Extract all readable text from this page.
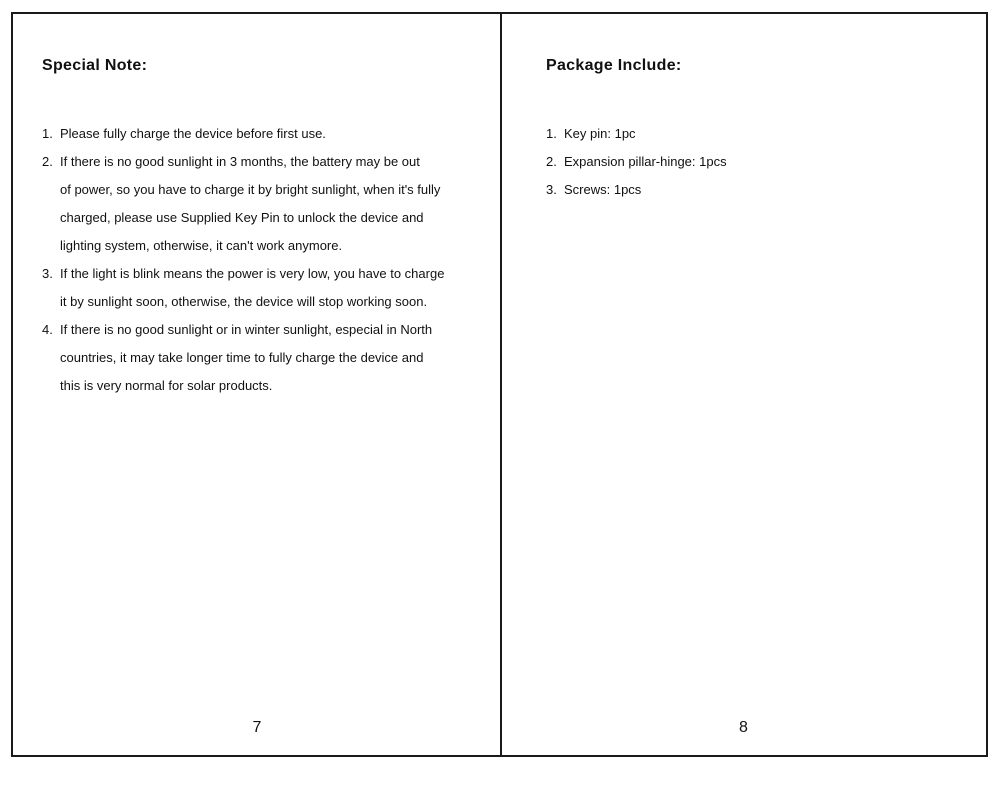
Special Note:
1. Please fully charge the device before first use.
2. If there is no good sunlight in 3 months, the battery may be out
of power, so you have to charge it by bright sunlight, when it's fully
charged, please use Supplied Key Pin to unlock the device and
lighting system, otherwise, it can't work anymore.
3. If the light is blink means the power is very low, you have to charge
it by sunlight soon, otherwise, the device will stop working soon.
4. If there is no good sunlight or in winter sunlight, especial in North
countries, it may take longer time to fully charge the device and
this is very normal for solar products.
7
Package Include:
1. Key pin: 1pc
2. Expansion pillar-hinge: 1pcs
3. Screws: 1pcs
8
